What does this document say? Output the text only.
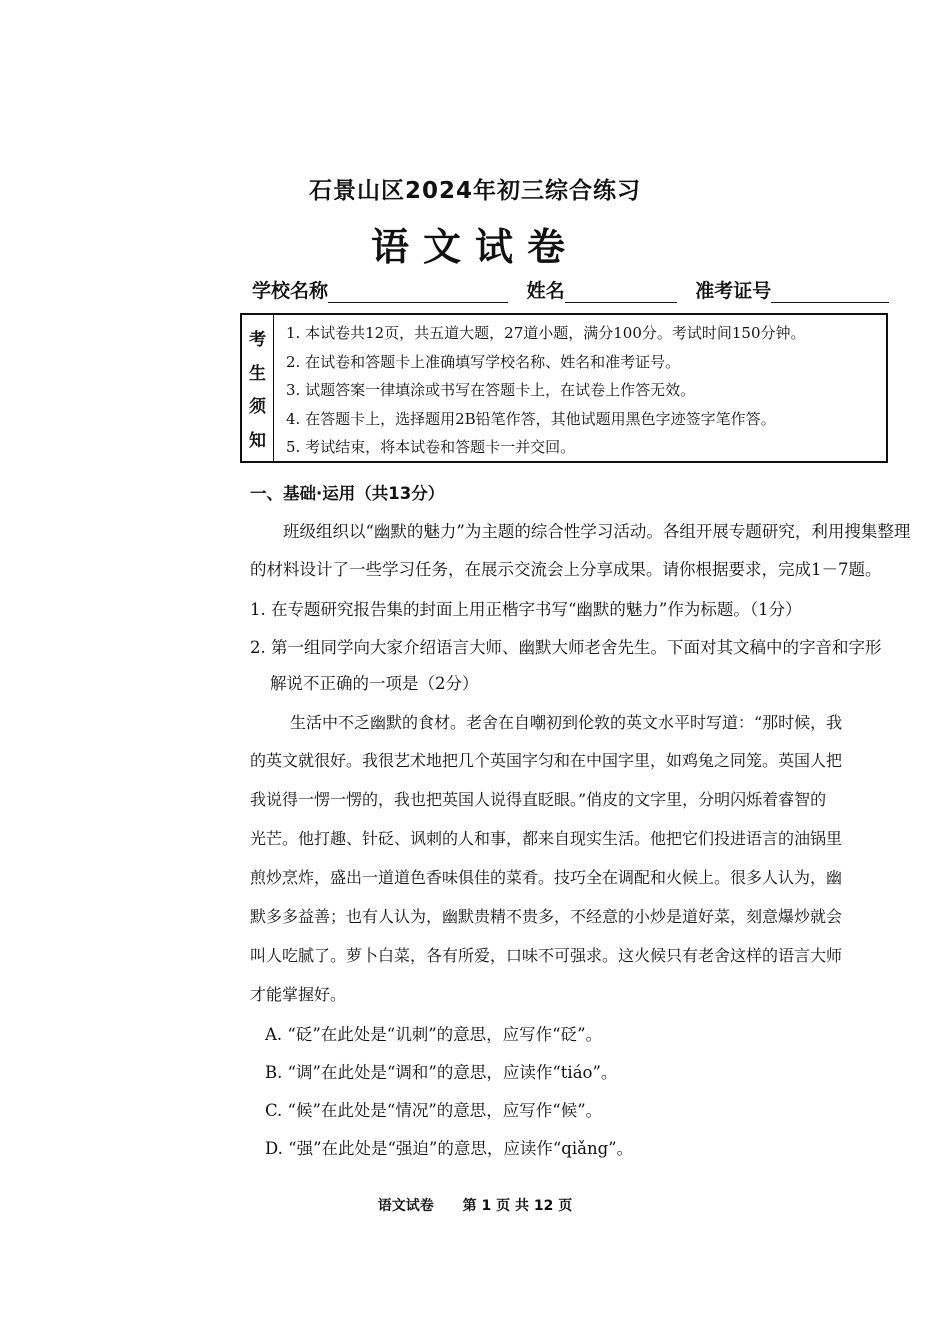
石景山区2024年初三综合练习
语文试卷
学校名称	姓名	准考证号
考
生
须
知
1. 本试卷共12页，共五道大题，27道小题，满分100分。考试时间150分钟。
2. 在试卷和答题卡上准确填写学校名称、姓名和准考证号。
3. 试题答案一律填涂或书写在答题卡上，在试卷上作答无效。
4. 在答题卡上，选择题用2B铅笔作答，其他试题用黑色字迹签字笔作答。
5. 考试结束，将本试卷和答题卡一并交回。
一、基础·运用（共13分）
班级组织以“幽默的魅力”为主题的综合性学习活动。各组开展专题研究，利用搜集整理
的材料设计了一些学习任务，在展示交流会上分享成果。请你根据要求，完成1－7题。
1. 在专题研究报告集的封面上用正楷字书写“幽默的魅力”作为标题。（1分）
2. 第一组同学向大家介绍语言大师、幽默大师老舍先生。下面对其文稿中的字音和字形
解说不正确的一项是（2分）
生活中不乏幽默的食材。老舍在自嘲初到伦敦的英文水平时写道：“那时候，我
的英文就很好。我很艺术地把几个英国字匀和在中国字里，如鸡兔之同笼。英国人把
我说得一愣一愣的，我也把英国人说得直眨眼。”俏皮的文字里，分明闪烁着睿智的
光芒。他打趣、针砭、讽刺的人和事，都来自现实生活。他把它们投进语言的油锅里
煎炒烹炸，盛出一道道色香味俱佳的菜肴。技巧全在调配和火候上。很多人认为，幽
默多多益善；也有人认为，幽默贵精不贵多，不经意的小炒是道好菜，刻意爆炒就会
叫人吃腻了。萝卜白菜，各有所爱，口味不可强求。这火候只有老舍这样的语言大师
才能掌握好。
A. “砭”在此处是“讥刺”的意思，应写作“砭”。
B. “调”在此处是“调和”的意思，应读作“tiáo”。
C. “候”在此处是“情况”的意思，应写作“候”。
D. “强”在此处是“强迫”的意思，应读作“qiǎng”。
语文试卷 第 1 页 共 12 页
